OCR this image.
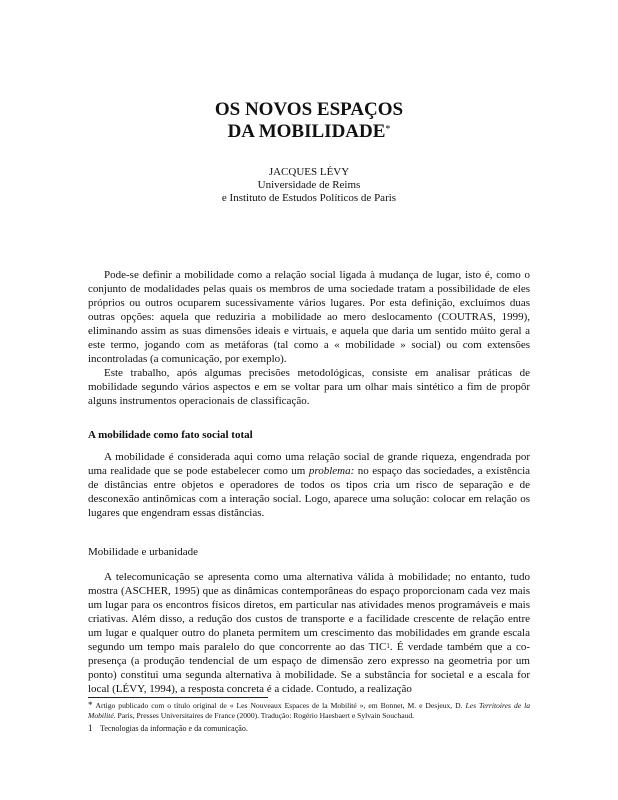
OS NOVOS ESPAÇOS
DA MOBILIDADE*
JACQUES LÉVY
Universidade de Reims
e Instituto de Estudos Políticos de Paris

Pode-se definir a mobilidade como a relação social ligada à mudança de lugar, isto é, como o conjunto de modalidades pelas quais os membros de uma sociedade tratam a possibilidade de eles próprios ou outros ocuparem sucessivamente vários lugares. Por esta definição, excluímos duas outras opções: aquela que reduziria a mobilidade ao mero deslocamento (COUTRAS, 1999), eliminando assim as suas dimensões ideais e virtuais, e aquela que daria um sentido múito geral a este termo, jogando com as metáforas (tal como a « mobilidade » social) ou com extensões incontroladas (a comunicação, por exemplo).

Este trabalho, após algumas precisões metodológicas, consiste em analisar práticas de mobilidade segundo vários aspectos e em se voltar para um olhar mais sintético a fim de propôr alguns instrumentos operacionais de classificação.

A mobilidade como fato social total

A mobilidade é considerada aqui como uma relação social de grande riqueza, engendrada por uma realidade que se pode estabelecer como um problema: no espaço das sociedades, a existência de distâncias entre objetos e operadores de todos os tipos cria um risco de separação e de desconexão antinômicas com a interação social. Logo, aparece uma solução: colocar em relação os lugares que engendram essas distâncias.

Mobilidade e urbanidade

A telecomunicação se apresenta como uma alternativa válida à mobilidade; no entanto, tudo mostra (ASCHER, 1995) que as dinâmicas contemporâneas do espaço proporcionam cada vez mais um lugar para os encontros físicos diretos, em particular nas atividades menos programáveis e mais criativas. Além disso, a redução dos custos de transporte e a facilidade crescente de relação entre um lugar e qualquer outro do planeta permitem um crescimento das mobilidades em grande escala segundo um tempo mais paralelo do que concorrente ao das TIC$^1$. É verdade também que a co-presença (a produção tendencial de um espaço de dimensão zero expresso na geometria por um ponto) constitui uma segunda alternativa à mobilidade. Se a substância for societal e a escala for local (LÉVY, 1994), a resposta concreta é a cidade. Contudo, a realização

* Artigo publicado com o título original de « Les Nouveaux Espaces de la Mobilité », em Bonnet, M. e Desjeux, D. Les Territoires de la Mobilité. Paris, Presses Universitaires de France (2000). Tradução: Rogério Haesbaert e Sylvain Souchaud.

1 Tecnologias da informação e da comunicação.
